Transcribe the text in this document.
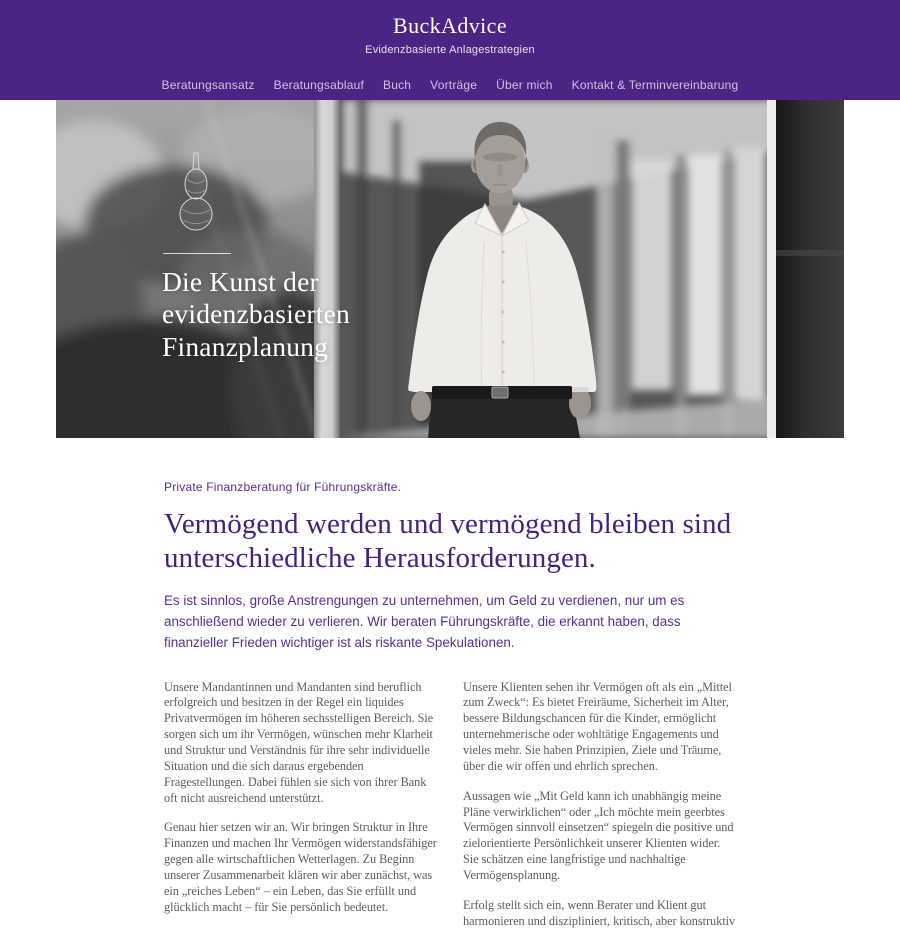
BuckAdvice
Evidenzbasierte Anlagestrategien
Beratungsansatz Beratungsablauf Buch Vorträge Über mich Kontakt & Terminvereinbarung
Die Kunst der
evidenzbasierten
Finanzplanung

Private Finanzberatung für Führungskräfte.

Vermögend werden und vermögend bleiben sind unterschiedliche Herausforderungen.

Es ist sinnlos, große Anstrengungen zu unternehmen, um Geld zu verdienen, nur um es anschließend wieder zu verlieren. Wir beraten Führungskräfte, die erkannt haben, dass finanzieller Frieden wichtiger ist als riskante Spekulationen.

Unsere Mandantinnen und Mandanten sind beruflich erfolgreich und besitzen in der Regel ein liquides Privatvermögen im höheren sechsstelligen Bereich. Sie sorgen sich um ihr Vermögen, wünschen mehr Klarheit und Struktur und Verständnis für ihre sehr individuelle Situation und die sich daraus ergebenden Fragestellungen. Dabei fühlen sie sich von ihrer Bank oft nicht ausreichend unterstützt.

Genau hier setzen wir an. Wir bringen Struktur in Ihre Finanzen und machen Ihr Vermögen widerstandsfähiger gegen alle wirtschaftlichen Wetterlagen. Zu Beginn unserer Zusammenarbeit klären wir aber zunächst, was ein „reiches Leben“ – ein Leben, das Sie erfüllt und glücklich macht – für Sie persönlich bedeutet.

Unsere Klienten sehen ihr Vermögen oft als ein „Mittel zum Zweck“: Es bietet Freiräume, Sicherheit im Alter, bessere Bildungschancen für die Kinder, ermöglicht unternehmerische oder wohltätige Engagements und vieles mehr. Sie haben Prinzipien, Ziele und Träume, über die wir offen und ehrlich sprechen.

Aussagen wie „Mit Geld kann ich unabhängig meine Pläne verwirklichen“ oder „Ich möchte mein geerbtes Vermögen sinnvoll einsetzen“ spiegeln die positive und zielorientierte Persönlichkeit unserer Klienten wider. Sie schätzen eine langfristige und nachhaltige Vermögensplanung.

Erfolg stellt sich ein, wenn Berater und Klient gut harmonieren und diszipliniert, kritisch, aber konstruktiv
